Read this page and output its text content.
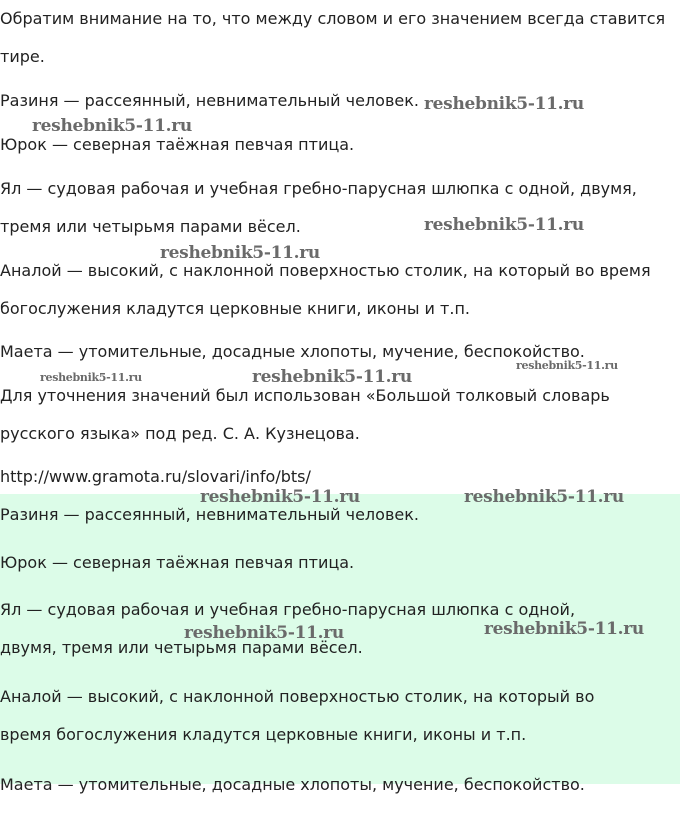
Обратим внимание на то, что между словом и его значением всегда ставится тире.

Разиня — рассеянный, невнимательный человек.

Юрок — северная таёжная певчая птица.

Ял — судовая рабочая и учебная гребно-парусная шлюпка с одной, двумя, тремя или четырьмя парами вёсел.

Аналой — высокий, с наклонной поверхностью столик, на который во время богослужения кладутся церковные книги, иконы и т.п.

Маета — утомительные, досадные хлопоты, мучение, беспокойство.

Для уточнения значений был использован «Большой толковый словарь русского языка» под ред. С. А. Кузнецова.

http://www.gramota.ru/slovari/info/bts/

Разиня — рассеянный, невнимательный человек.

Юрок — северная таёжная певчая птица.

Ял — судовая рабочая и учебная гребно-парусная шлюпка с одной, двумя, тремя или четырьмя парами вёсел.

Аналой — высокий, с наклонной поверхностью столик, на который во время богослужения кладутся церковные книги, иконы и т.п.

Маета — утомительные, досадные хлопоты, мучение, беспокойство.

reshebnik5-11.ru

reshebnik5-11.ru

reshebnik5-11.ru

reshebnik5-11.ru

reshebnik5-11.ru

reshebnik5-11.ru	reshebnik5-11.ru

reshebnik5-11.ru	reshebnik5-11.ru

reshebnik5-11.ru	reshebnik5-11.ru
